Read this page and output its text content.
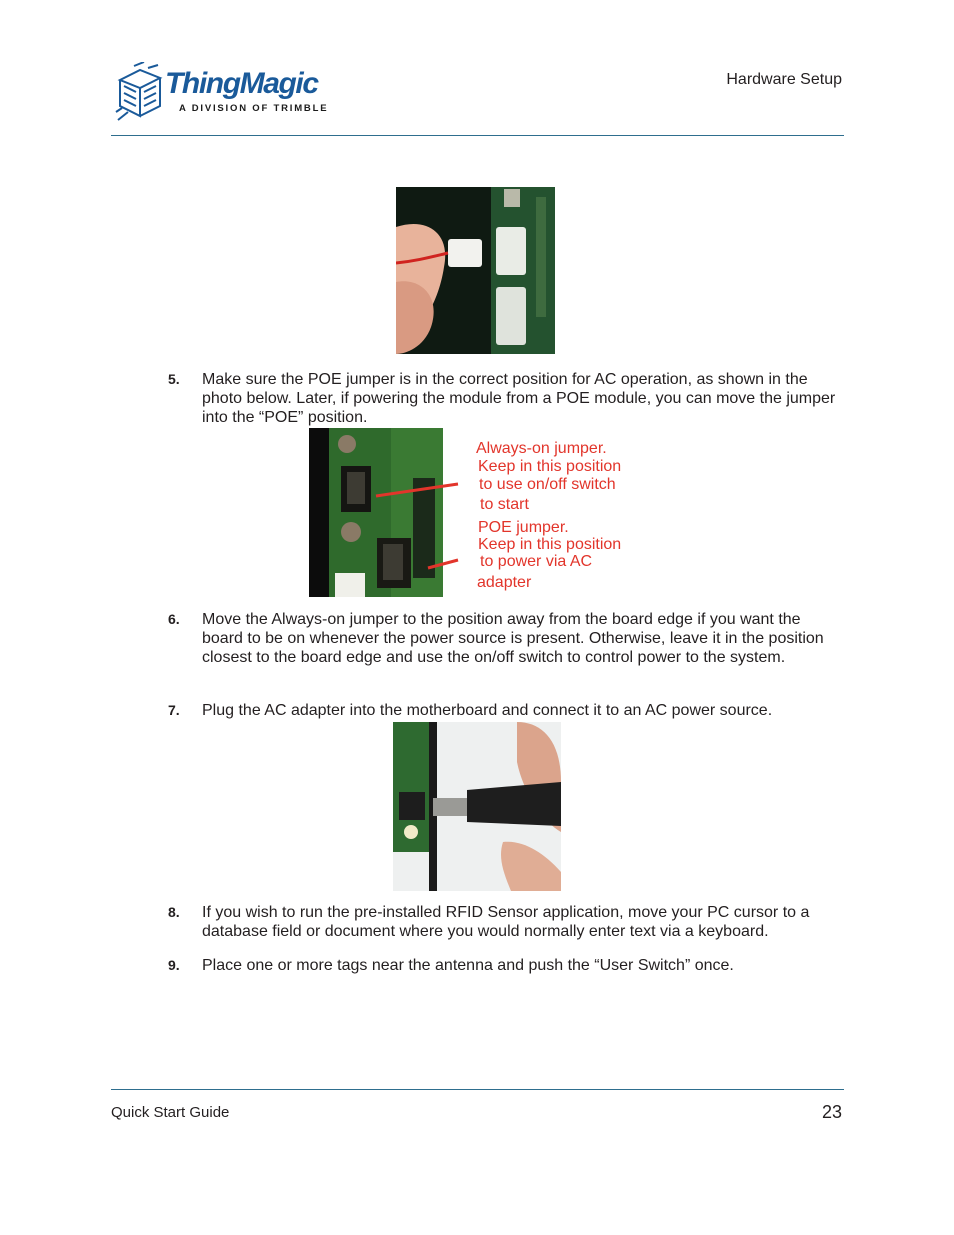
ThingMagic
A DIVISION OF TRIMBLE
Hardware Setup
5. Make sure the POE jumper is in the correct position for AC operation, as shown in the photo below. Later, if powering the module from a POE module, you can move the jumper into the “POE” position.
Always-on jumper.
Keep in this position
to use on/off switch
to start
POE jumper.
Keep in this position
to power via AC
adapter
6. Move the Always-on jumper to the position away from the board edge if you want the board to be on whenever the power source is present. Otherwise, leave it in the position closest to the board edge and use the on/off switch to control power to the system.
7. Plug the AC adapter into the motherboard and connect it to an AC power source.
8. If you wish to run the pre-installed RFID Sensor application, move your PC cursor to a database field or document where you would normally enter text via a keyboard.
9. Place one or more tags near the antenna and push the “User Switch” once.
Quick Start Guide	23
